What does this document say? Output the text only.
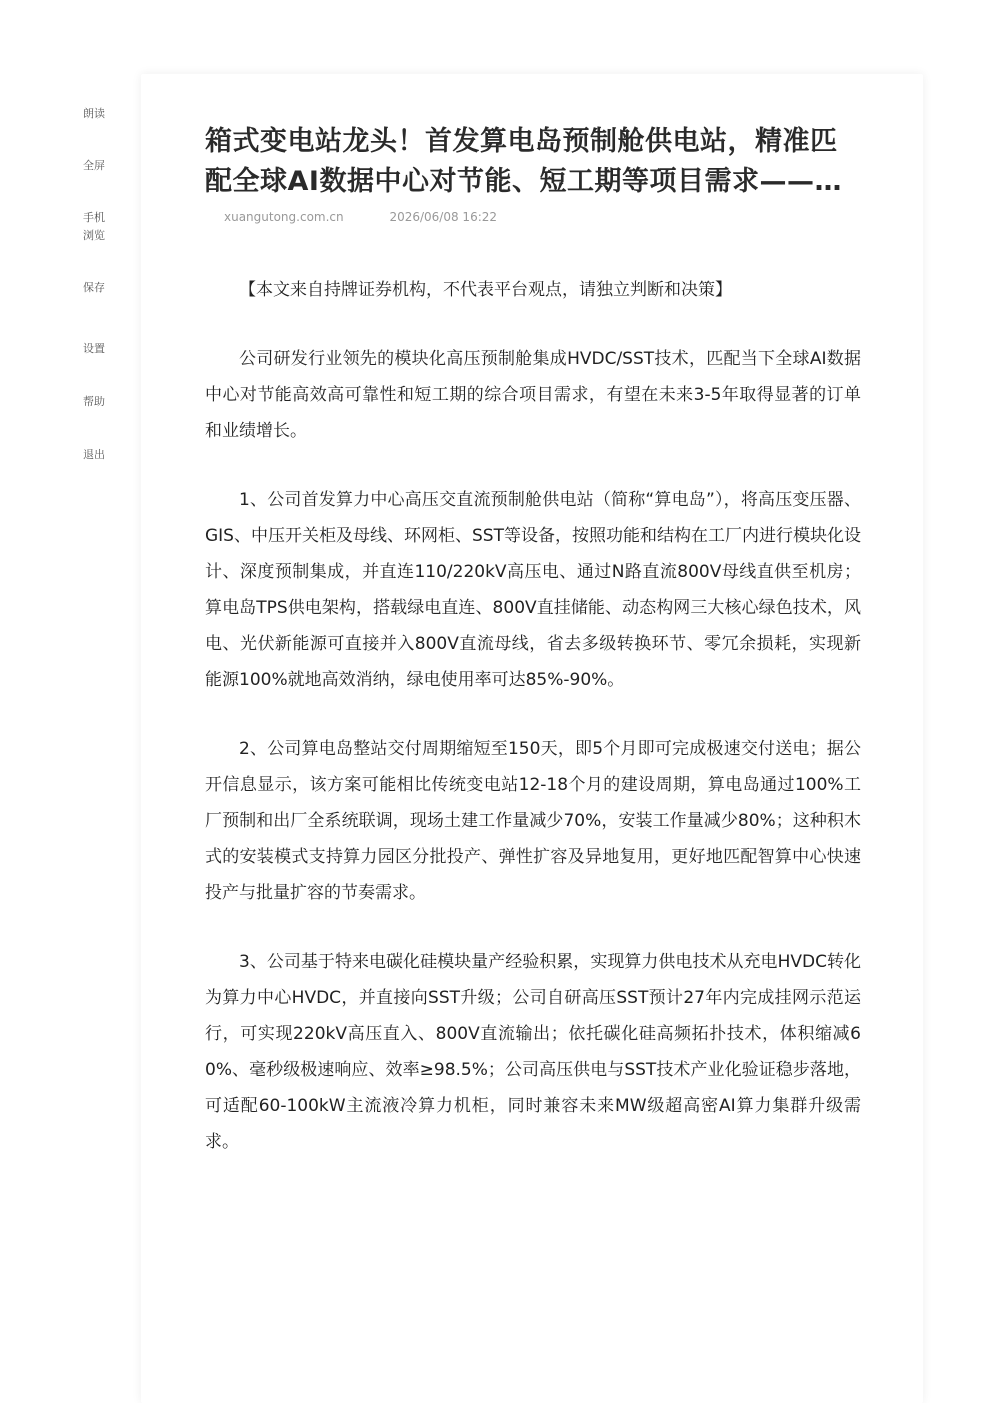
朗读
全屏
手机
浏览
保存
设置
帮助
退出
箱式变电站龙头！首发算电岛预制舱供电站，精准匹
配全球AI数据中心对节能、短工期等项目需求——…
xuangutong.com.cn	2026/06/08 16:22

【本文来自持牌证券机构，不代表平台观点，请独立判断和决策】

公司研发行业领先的模块化高压预制舱集成HVDC/SST技术，匹配当下全球AI数据中心对节能高效高可靠性和短工期的综合项目需求，有望在未来3-5年取得显著的订单和业绩增长。

1、公司首发算力中心高压交直流预制舱供电站（简称“算电岛”），将高压变压器、GIS、中压开关柜及母线、环网柜、SST等设备，按照功能和结构在工厂内进行模块化设计、深度预制集成，并直连110/220kV高压电、通过N路直流800V母线直供至机房；算电岛TPS供电架构，搭载绿电直连、800V直挂储能、动态构网三大核心绿色技术，风电、光伏新能源可直接并入800V直流母线，省去多级转换环节、零冗余损耗，实现新能源100%就地高效消纳，绿电使用率可达85%-90%。

2、公司算电岛整站交付周期缩短至150天，即5个月即可完成极速交付送电；据公开信息显示，该方案可能相比传统变电站12-18个月的建设周期，算电岛通过100%工厂预制和出厂全系统联调，现场土建工作量减少70%，安装工作量减少80%；这种积木式的安装模式支持算力园区分批投产、弹性扩容及异地复用，更好地匹配智算中心快速投产与批量扩容的节奏需求。

3、公司基于特来电碳化硅模块量产经验积累，实现算力供电技术从充电HVDC转化为算力中心HVDC，并直接向SST升级；公司自研高压SST预计27年内完成挂网示范运行，可实现220kV高压直入、800V直流输出；依托碳化硅高频拓扑技术，体积缩减60%、毫秒级极速响应、效率≥98.5%；公司高压供电与SST技术产业化验证稳步落地，可适配60-100kW主流液冷算力机柜，同时兼容未来MW级超高密AI算力集群升级需求。
